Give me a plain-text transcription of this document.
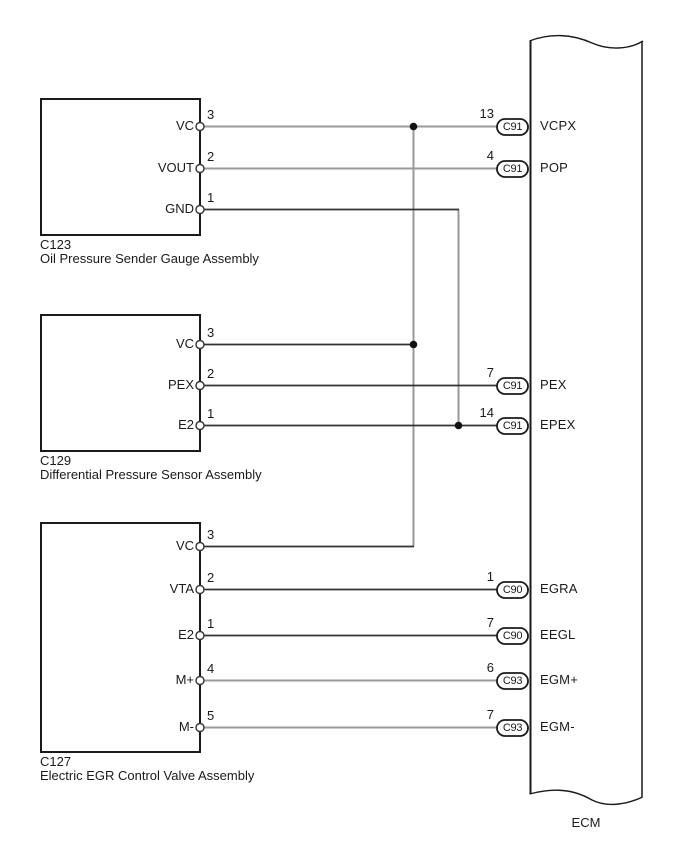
VC
3
VOUT
2
GND
1
C123
Oil Pressure Sender Gauge Assembly
VC
3
PEX
2
E2
1
C129
Differential Pressure Sensor Assembly
VC
3
VTA
2
E2
1
M+
4
M-
5
C127
Electric EGR Control Valve Assembly
13
C91	VCPX
4
C91	POP
7
C91	PEX
14
C91	EPEX
1
C90	EGRA
7
C90	EEGL
6
C93	EGM+
7
C93	EGM-
ECM
